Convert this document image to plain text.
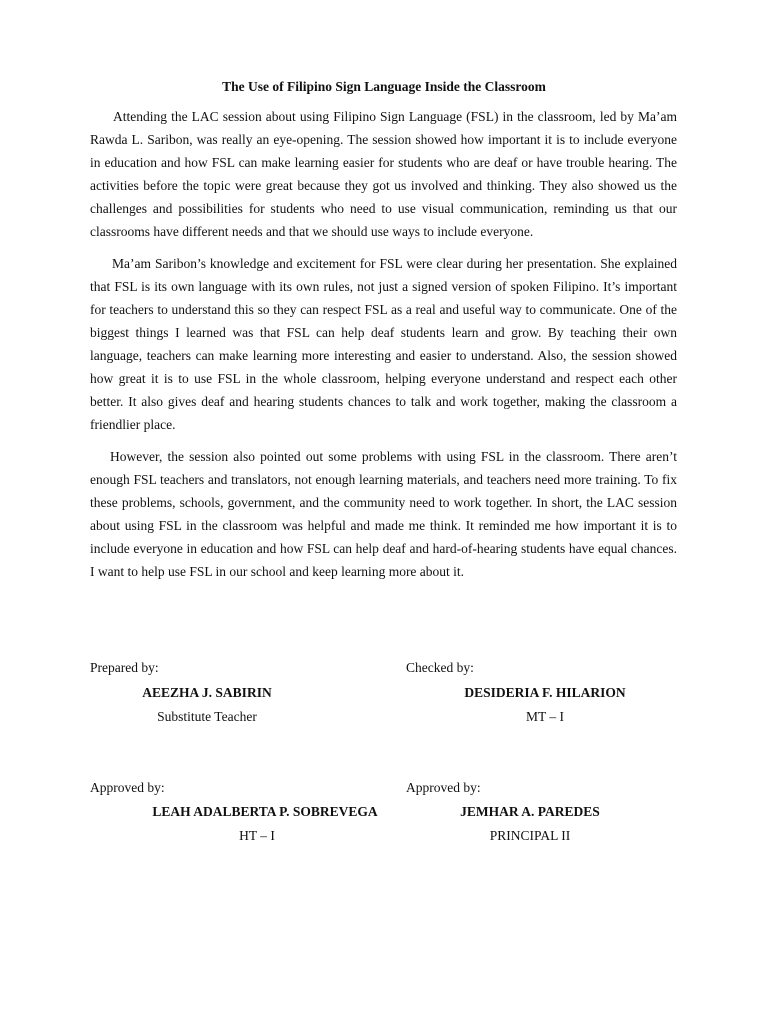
The Use of Filipino Sign Language Inside the Classroom

Attending the LAC session about using Filipino Sign Language (FSL) in the classroom, led by Ma’am Rawda L. Saribon, was really an eye-opening. The session showed how important it is to include everyone in education and how FSL can make learning easier for students who are deaf or have trouble hearing. The activities before the topic were great because they got us involved and thinking. They also showed us the challenges and possibilities for students who need to use visual communication, reminding us that our classrooms have different needs and that we should use ways to include everyone.

Ma’am Saribon’s knowledge and excitement for FSL were clear during her presentation. She explained that FSL is its own language with its own rules, not just a signed version of spoken Filipino. It’s important for teachers to understand this so they can respect FSL as a real and useful way to communicate. One of the biggest things I learned was that FSL can help deaf students learn and grow. By teaching their own language, teachers can make learning more interesting and easier to understand. Also, the session showed how great it is to use FSL in the whole classroom, helping everyone understand and respect each other better. It also gives deaf and hearing students chances to talk and work together, making the classroom a friendlier place.

However, the session also pointed out some problems with using FSL in the classroom. There aren’t enough FSL teachers and translators, not enough learning materials, and teachers need more training. To fix these problems, schools, government, and the community need to work together. In short, the LAC session about using FSL in the classroom was helpful and made me think. It reminded me how important it is to include everyone in education and how FSL can help deaf and hard-of-hearing students have equal chances. I want to help use FSL in our school and keep learning more about it.

Prepared by:
AEEZHA J. SABIRIN
Substitute Teacher
Checked by:
DESIDERIA F. HILARION
MT – I
Approved by:
LEAH ADALBERTA P. SOBREVEGA
HT – I
Approved by:
JEMHAR A. PAREDES
PRINCIPAL II
